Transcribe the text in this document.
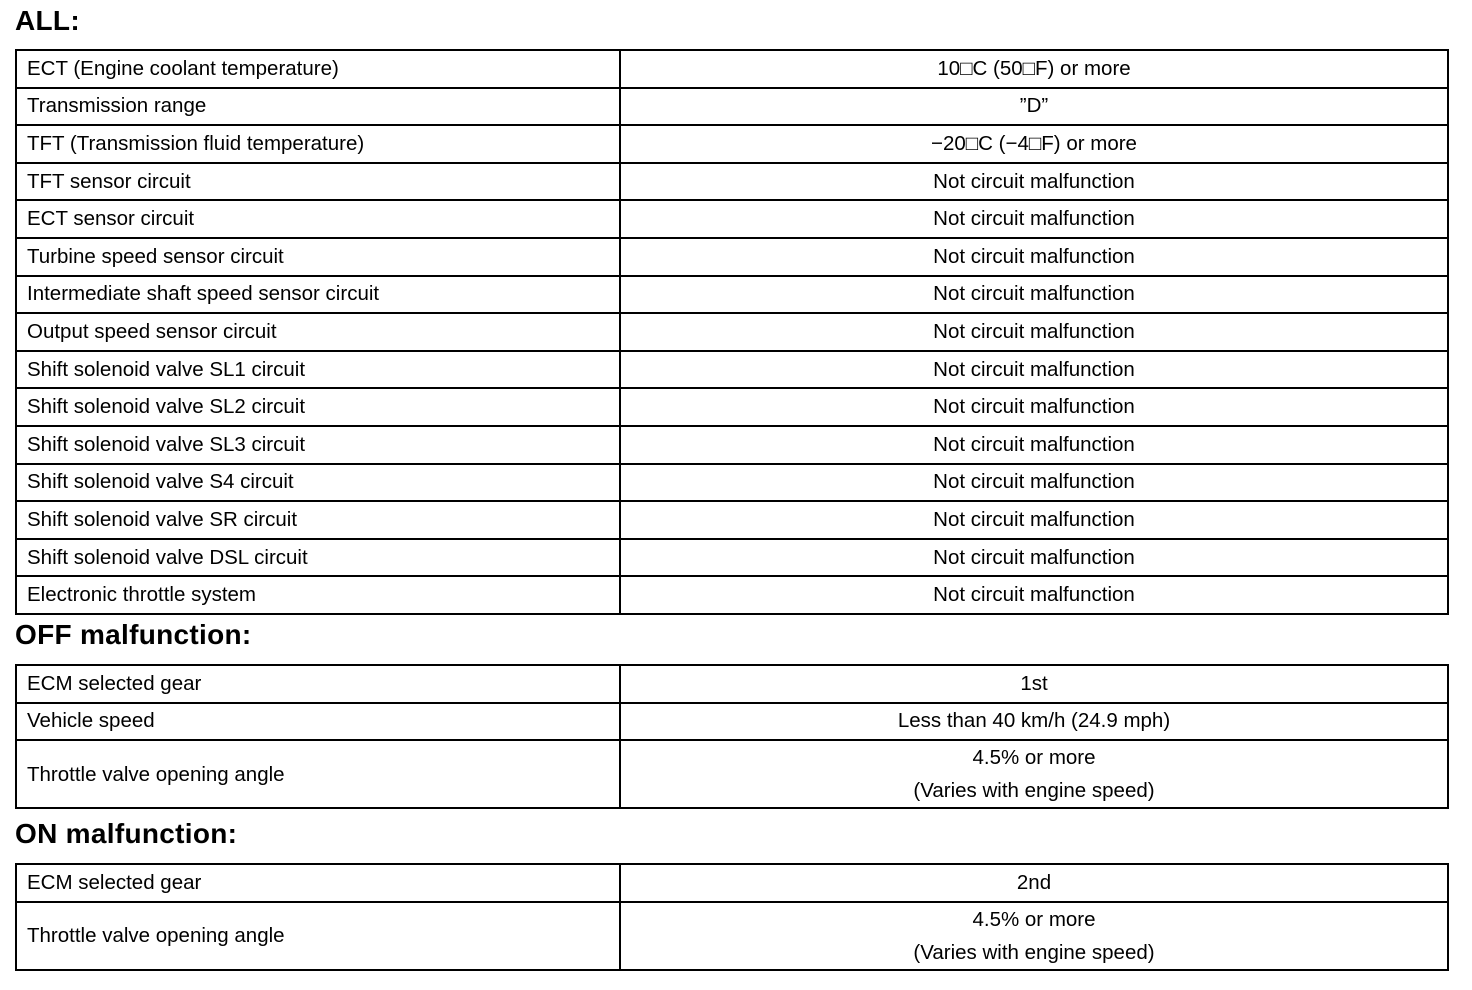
ALL:
ECT (Engine coolant temperature)	10□C (50□F) or more
Transmission range	”D”
TFT (Transmission fluid temperature)	−20□C (−4□F) or more
TFT sensor circuit	Not circuit malfunction
ECT sensor circuit	Not circuit malfunction
Turbine speed sensor circuit	Not circuit malfunction
Intermediate shaft speed sensor circuit	Not circuit malfunction
Output speed sensor circuit	Not circuit malfunction
Shift solenoid valve SL1 circuit	Not circuit malfunction
Shift solenoid valve SL2 circuit	Not circuit malfunction
Shift solenoid valve SL3 circuit	Not circuit malfunction
Shift solenoid valve S4 circuit	Not circuit malfunction
Shift solenoid valve SR circuit	Not circuit malfunction
Shift solenoid valve DSL circuit	Not circuit malfunction
Electronic throttle system	Not circuit malfunction
OFF malfunction:
ECM selected gear	1st
Vehicle speed	Less than 40 km/h (24.9 mph)
Throttle valve opening angle	4.5% or more
(Varies with engine speed)
ON malfunction:
ECM selected gear	2nd
Throttle valve opening angle	4.5% or more
(Varies with engine speed)
